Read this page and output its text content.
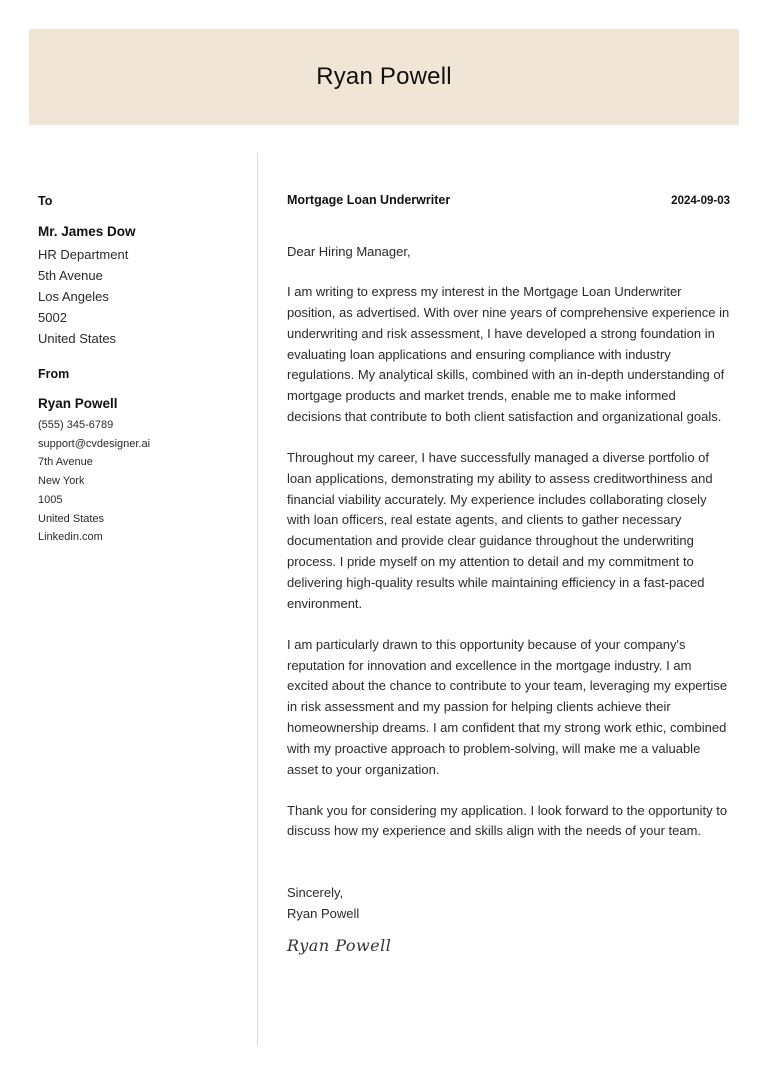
Ryan Powell
To
Mr. James Dow
HR Department
5th Avenue
Los Angeles
5002
United States
From
Ryan Powell
(555) 345-6789
support@cvdesigner.ai
7th Avenue
New York
1005
United States
Linkedin.com
Mortgage Loan Underwriter	2024-09-03
Dear Hiring Manager,
I am writing to express my interest in the Mortgage Loan Underwriter position, as advertised. With over nine years of comprehensive experience in underwriting and risk assessment, I have developed a strong foundation in evaluating loan applications and ensuring compliance with industry regulations. My analytical skills, combined with an in-depth understanding of mortgage products and market trends, enable me to make informed decisions that contribute to both client satisfaction and organizational goals.
Throughout my career, I have successfully managed a diverse portfolio of loan applications, demonstrating my ability to assess creditworthiness and financial viability accurately. My experience includes collaborating closely with loan officers, real estate agents, and clients to gather necessary documentation and provide clear guidance throughout the underwriting process. I pride myself on my attention to detail and my commitment to delivering high-quality results while maintaining efficiency in a fast-paced environment.
I am particularly drawn to this opportunity because of your company's reputation for innovation and excellence in the mortgage industry. I am excited about the chance to contribute to your team, leveraging my expertise in risk assessment and my passion for helping clients achieve their homeownership dreams. I am confident that my strong work ethic, combined with my proactive approach to problem-solving, will make me a valuable asset to your organization.
Thank you for considering my application. I look forward to the opportunity to discuss how my experience and skills align with the needs of your team.
Sincerely,
Ryan Powell
Ryan Powell
